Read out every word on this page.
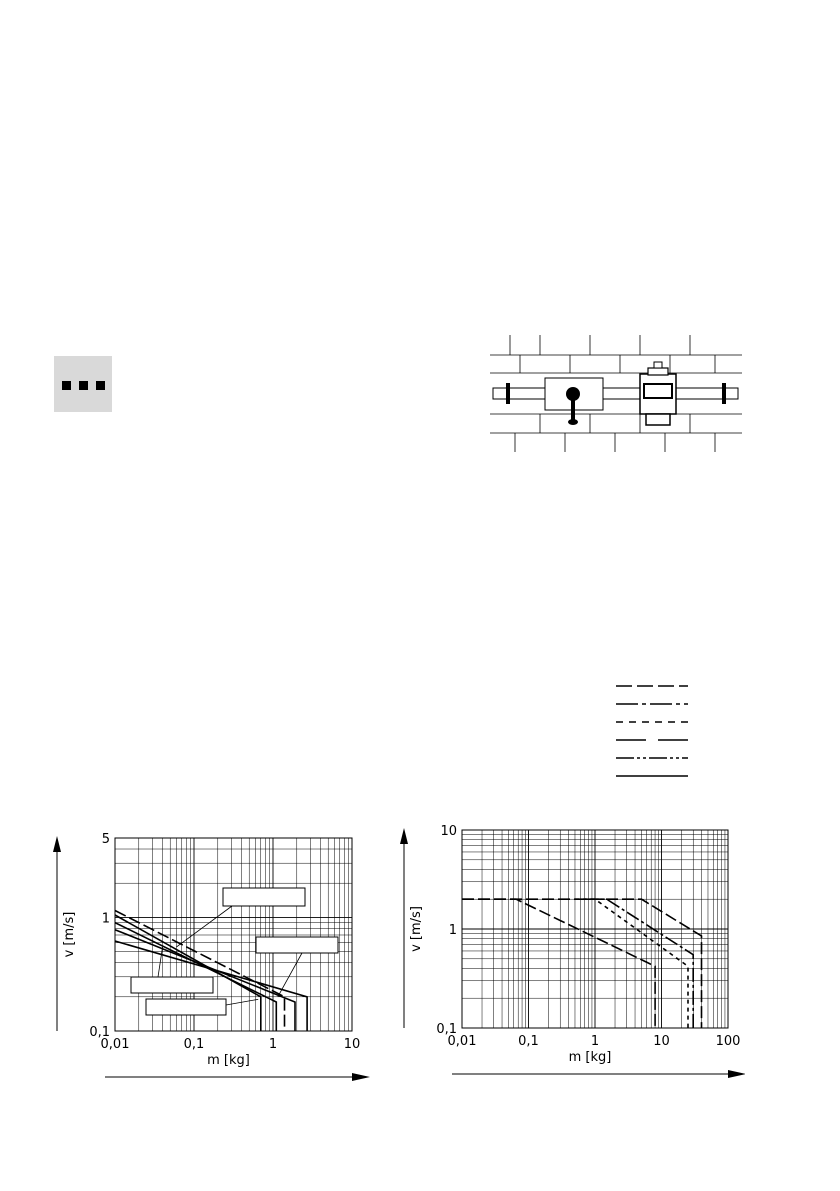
0,01	0,1	1	10
0,1
1
5
m [kg]
v [m/s]
0,01	0,1	1	10	100
0,1
1
10
m [kg]
v [m/s]
